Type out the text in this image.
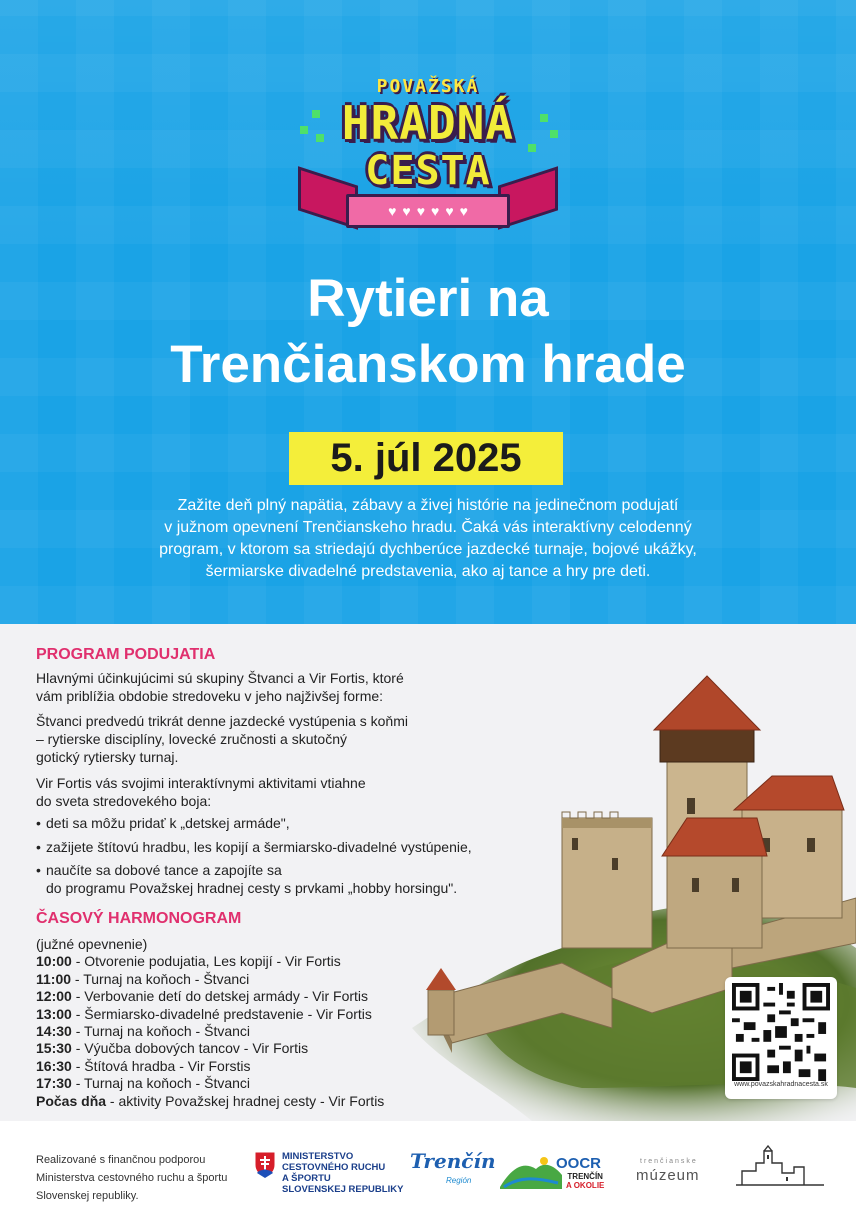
POVAŽSKÁ
♥ ♥ ♥ ♥ ♥ ♥
HRADNÁ
CESTA
Rytieri na
Trenčianskom hrade
5. júl 2025
Zažite deň plný napätia, zábavy a živej histórie na jedinečnom podujatí
v južnom opevnení Trenčianskeho hradu. Čaká vás interaktívny celodenný
program, v ktorom sa striedajú dychberúce jazdecké turnaje, bojové ukážky,
šermiarske divadelné predstavenia, ako aj tance a hry pre deti.
www.povazskahradnacesta.sk
PROGRAM PODUJATIA
Hlavnými účinkujúcimi sú skupiny Štvanci a Vir Fortis, ktoré
vám priblížia obdobie stredoveku v jeho najživšej forme:
Štvanci predvedú trikrát denne jazdecké vystúpenia s koňmi
– rytierske disciplíny, lovecké zručnosti a skutočný
gotický rytiersky turnaj.
Vir Fortis vás svojimi interaktívnymi aktivitami vtiahne
do sveta stredovekého boja:
• deti sa môžu pridať k „detskej armáde",
• zažijete štítovú hradbu, les kopijí a šermiarsko-divadelné vystúpenie,
• naučíte sa dobové tance a zapojíte sa
do programu Považskej hradnej cesty s prvkami „hobby horsingu".
ČASOVÝ HARMONOGRAM
(južné opevnenie)
10:00 - Otvorenie podujatia, Les kopijí - Vir Fortis
11:00 - Turnaj na koňoch - Štvanci
12:00 - Verbovanie detí do detskej armády - Vir Fortis
13:00 - Šermiarsko-divadelné predstavenie - Vir Fortis
14:30 - Turnaj na koňoch - Štvanci
15:30 - Výučba dobových tancov - Vir Fortis
16:30 - Štítová hradba - Vir Forstis
17:30 - Turnaj na koňoch - Štvanci
Počas dňa - aktivity Považskej hradnej cesty - Vir Fortis
Realizované s finančnou podporou
Ministerstva cestovného ruchu a športu
Slovenskej republiky.
MINISTERSTVO
CESTOVNÉHO RUCHU
A ŠPORTU
SLOVENSKEJ REPUBLIKY
Trenčín
Región
OOCR
TRENČÍN
A OKOLIE
trenčianske
múzeum
